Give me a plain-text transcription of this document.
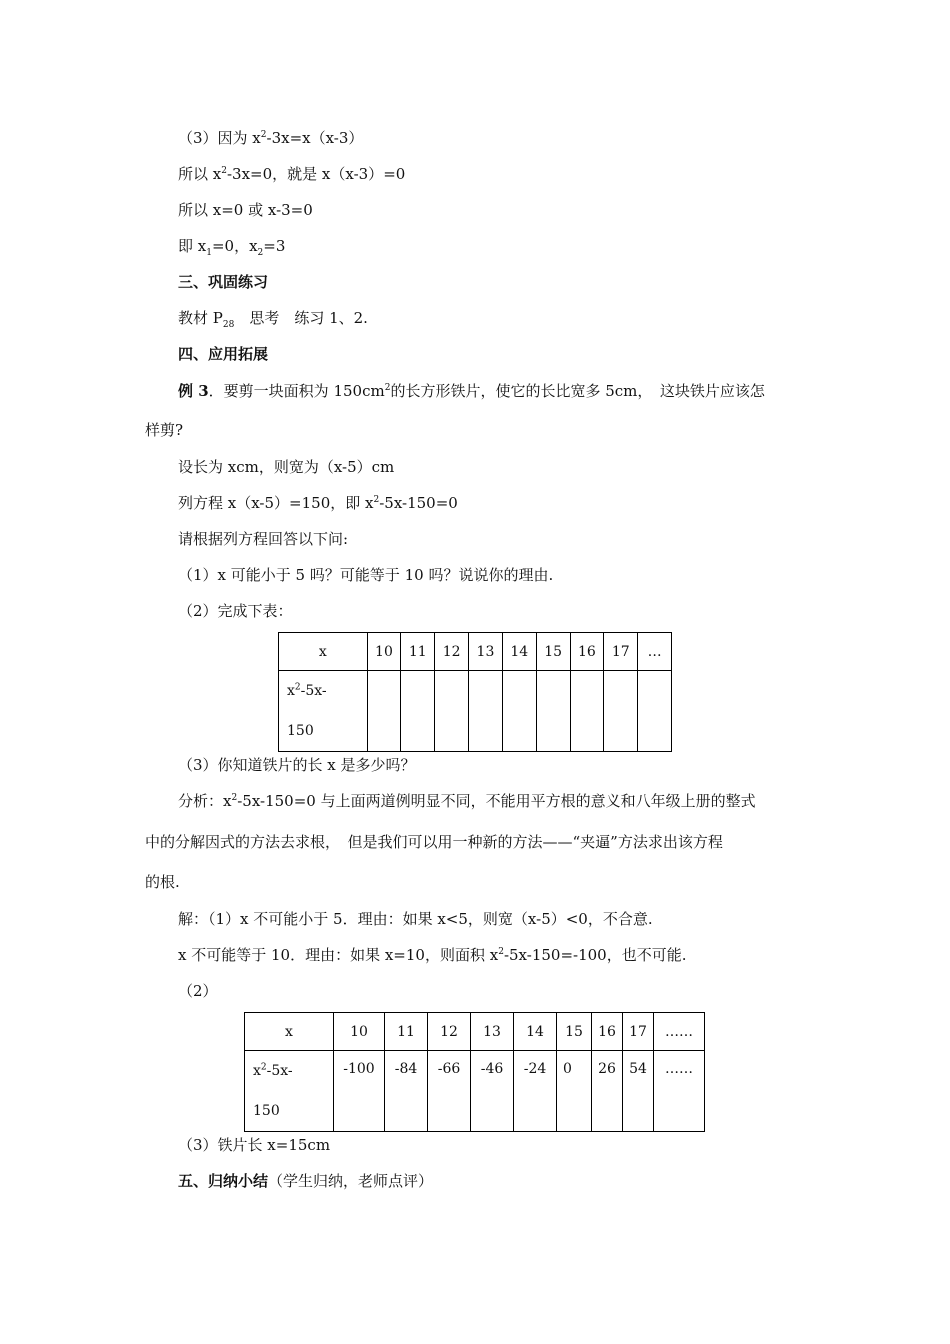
（3）因为 $x^2-3x=x(x-3)$
所以 $x^2-3x=0$，就是 x（x-3）=0
所以 x=0 或 x-3=0
即 $x_1=0$，$x_2=3$
三、巩固练习
教材 $P_{28}$　思考　练习 1、2.
四、应用拓展
例 3．要剪一块面积为 $150cm^2$的长方形铁片，使它的长比宽多 5cm，　这块铁片应该怎
样剪?
设长为 xcm，则宽为（x-5）cm
列方程 x（x-5）=150，即 $x^2-5x-150=0$
请根据列方程回答以下问:
（1）x 可能小于 5 吗？可能等于 10 吗？说说你的理由.
（2）完成下表：
x	10	11	12	13	14	15	16	17	…
$x^2-5x-$
150									
（3）你知道铁片的长 x 是多少吗？
分析：$x^2-5x-150=0$ 与上面两道例明显不同，不能用平方根的意义和八年级上册的整式
中的分解因式的方法去求根，　但是我们可以用一种新的方法——“夹逼”方法求出该方程
的根.
解：（1）x 不可能小于 5．理由：如果 x<5，则宽（x-5）<0，不合意.
x 不可能等于 10．理由：如果 x=10，则面积 $x^2-5x-150=-100$，也不可能.
（2）
x	10	11	12	13	14	15	16	17	……
$x^2-5x-$
150	-100	-84	-66	-46	-24	0	26	54	……
（3）铁片长 x=15cm
五、归纳小结（学生归纳，老师点评）
